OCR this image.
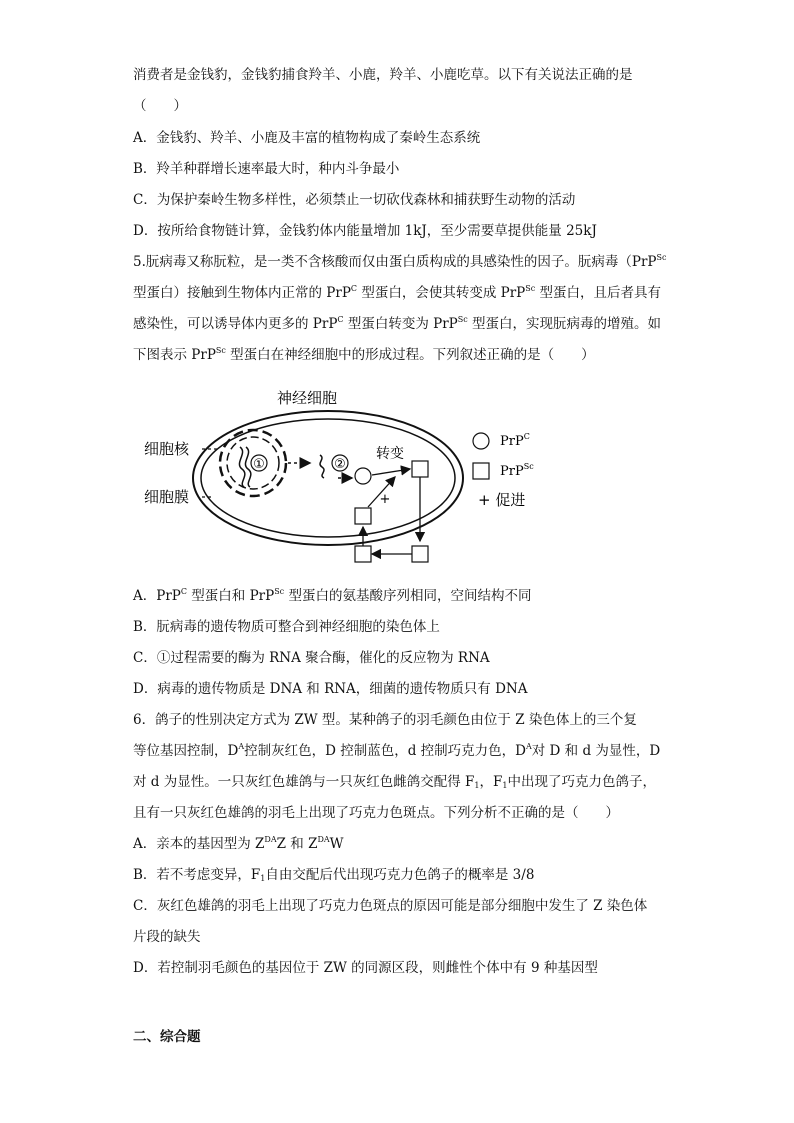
消费者是金钱豹，金钱豹捕食羚羊、小鹿，羚羊、小鹿吃草。以下有关说法正确的是
（　　）
A．金钱豹、羚羊、小鹿及丰富的植物构成了秦岭生态系统
B．羚羊种群增长速率最大时，种内斗争最小
C．为保护秦岭生物多样性，必须禁止一切砍伐森林和捕获野生动物的活动
D．按所给食物链计算，金钱豹体内能量增加 1kJ，至少需要草提供能量 25kJ
5.朊病毒又称朊粒，是一类不含核酸而仅由蛋白质构成的具感染性的因子。朊病毒（PrP$^{Sc}$
型蛋白）接触到生物体内正常的 PrP$^C$ 型蛋白，会使其转变成 PrP$^{Sc}$ 型蛋白，且后者具有
感染性，可以诱导体内更多的 PrP$^C$ 型蛋白转变为 PrP$^{Sc}$ 型蛋白，实现朊病毒的增殖。如
下图表示 PrP$^{Sc}$ 型蛋白在神经细胞中的形成过程。下列叙述正确的是（　　）
神经细胞
①	②
转变
+
细胞核
细胞膜
PrP$^C$
PrP$^{Sc}$
+ 促进
A．PrP$^C$ 型蛋白和 PrP$^{Sc}$ 型蛋白的氨基酸序列相同，空间结构不同
B．朊病毒的遗传物质可整合到神经细胞的染色体上
C．①过程需要的酶为 RNA 聚合酶，催化的反应物为 RNA
D．病毒的遗传物质是 DNA 和 RNA，细菌的遗传物质只有 DNA
6．鸽子的性别决定方式为 ZW 型。某种鸽子的羽毛颜色由位于 Z 染色体上的三个复
等位基因控制，$D^A$控制灰红色，D 控制蓝色，d 控制巧克力色，$D^A$对 D 和 d 为显性，D
对 d 为显性。一只灰红色雄鸽与一只灰红色雌鸽交配得 $F_1$，$F_1$中出现了巧克力色鸽子，
且有一只灰红色雄鸽的羽毛上出现了巧克力色斑点。下列分析不正确的是（　　）
A．亲本的基因型为 $Z^{DA}Z$ 和 $Z^{DA}W$
B．若不考虑变异，$F_1$自由交配后代出现巧克力色鸽子的概率是 3/8
C．灰红色雄鸽的羽毛上出现了巧克力色斑点的原因可能是部分细胞中发生了 Z 染色体
片段的缺失
D．若控制羽毛颜色的基因位于 ZW 的同源区段，则雌性个体中有 9 种基因型
二、综合题
